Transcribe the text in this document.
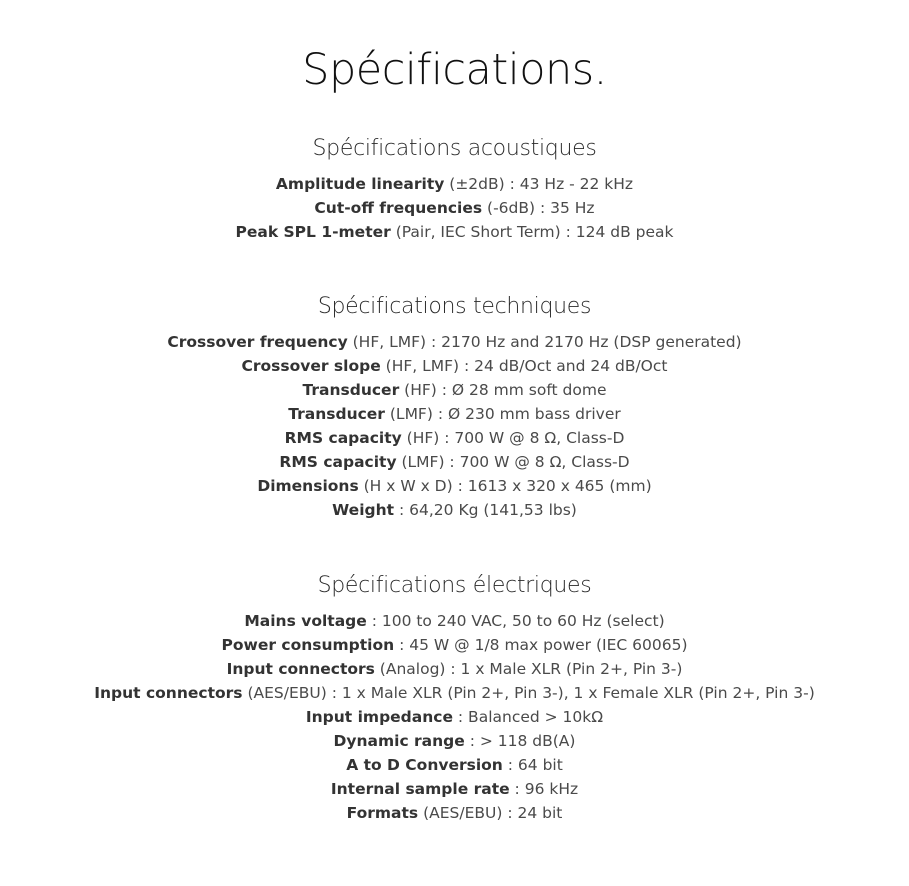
Spécifications.
Spécifications acoustiques
Amplitude linearity (±2dB) : 43 Hz - 22 kHz
Cut-off frequencies (-6dB) : 35 Hz
Peak SPL 1-meter (Pair, IEC Short Term) : 124 dB peak
Spécifications techniques
Crossover frequency (HF, LMF) : 2170 Hz and 2170 Hz (DSP generated)
Crossover slope (HF, LMF) : 24 dB/Oct and 24 dB/Oct
Transducer (HF) : Ø 28 mm soft dome
Transducer (LMF) : Ø 230 mm bass driver
RMS capacity (HF) : 700 W @ 8 Ω, Class-D
RMS capacity (LMF) : 700 W @ 8 Ω, Class-D
Dimensions (H x W x D) : 1613 x 320 x 465 (mm)
Weight : 64,20 Kg (141,53 lbs)
Spécifications électriques
Mains voltage : 100 to 240 VAC, 50 to 60 Hz (select)
Power consumption : 45 W @ 1/8 max power (IEC 60065)
Input connectors (Analog) : 1 x Male XLR (Pin 2+, Pin 3-)
Input connectors (AES/EBU) : 1 x Male XLR (Pin 2+, Pin 3-), 1 x Female XLR (Pin 2+, Pin 3-)
Input impedance : Balanced > 10kΩ
Dynamic range : > 118 dB(A)
A to D Conversion : 64 bit
Internal sample rate : 96 kHz
Formats (AES/EBU) : 24 bit
